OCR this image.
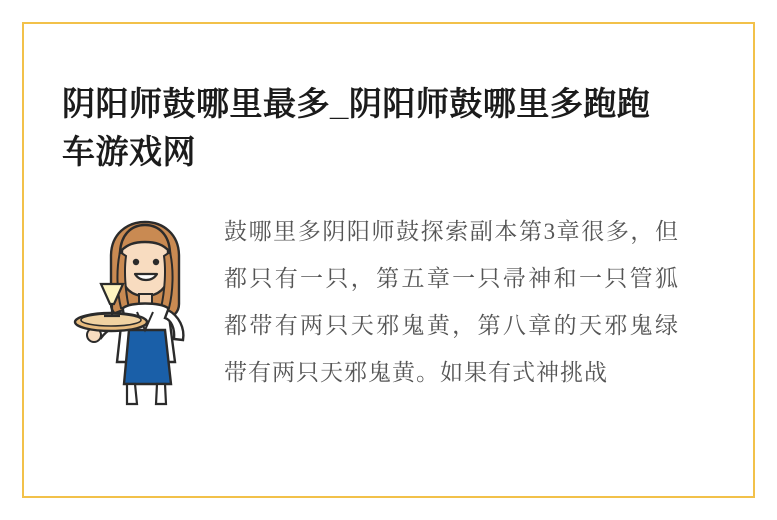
阴阳师鼓哪里最多_阴阳师鼓哪里多跑跑车游戏网

鼓哪里多阴阳师鼓探索副本第3章很多，但都只有一只，第五章一只帚神和一只管狐都带有两只天邪鬼黄，第八章的天邪鬼绿带有两只天邪鬼黄。如果有式神挑战
